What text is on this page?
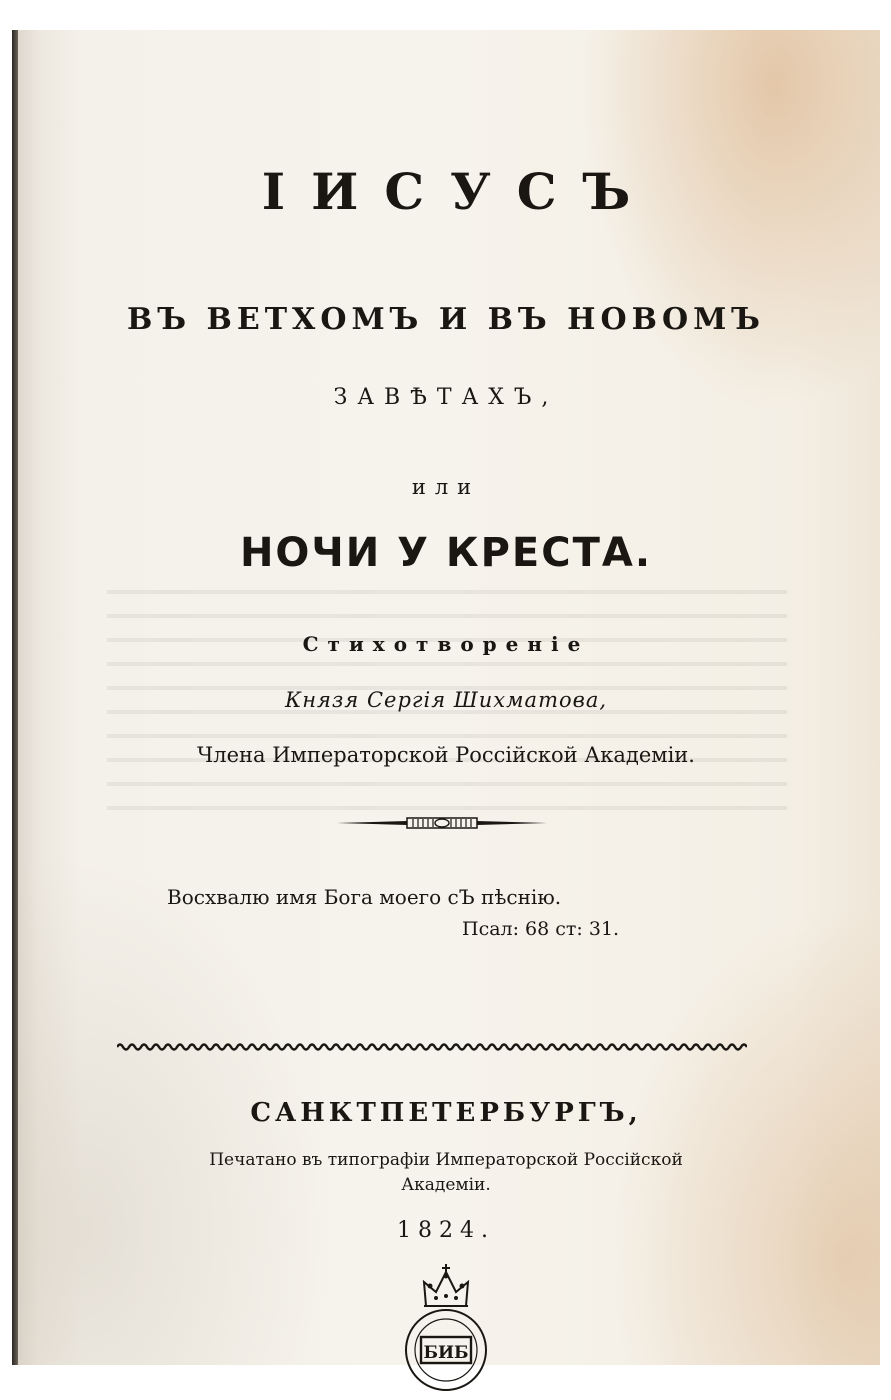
ІИСУСЪ
ВЪ ВЕТХОМЪ И ВЪ НОВОМЪ
ЗАВѢТАХЪ,
или
НОЧИ У КРЕСТА.
Стихотворенie
Князя Сергія Шихматова,
Члена Императорской Россійской Академіи.
Восхвалю имя Бога моего сЪ пѣснію.
Псал: 68 ст: 31.
САНКТПЕТЕРБУРГЪ,
Печатано въ типографіи Императорской Россійской
Академіи.
1824.
БИБ
